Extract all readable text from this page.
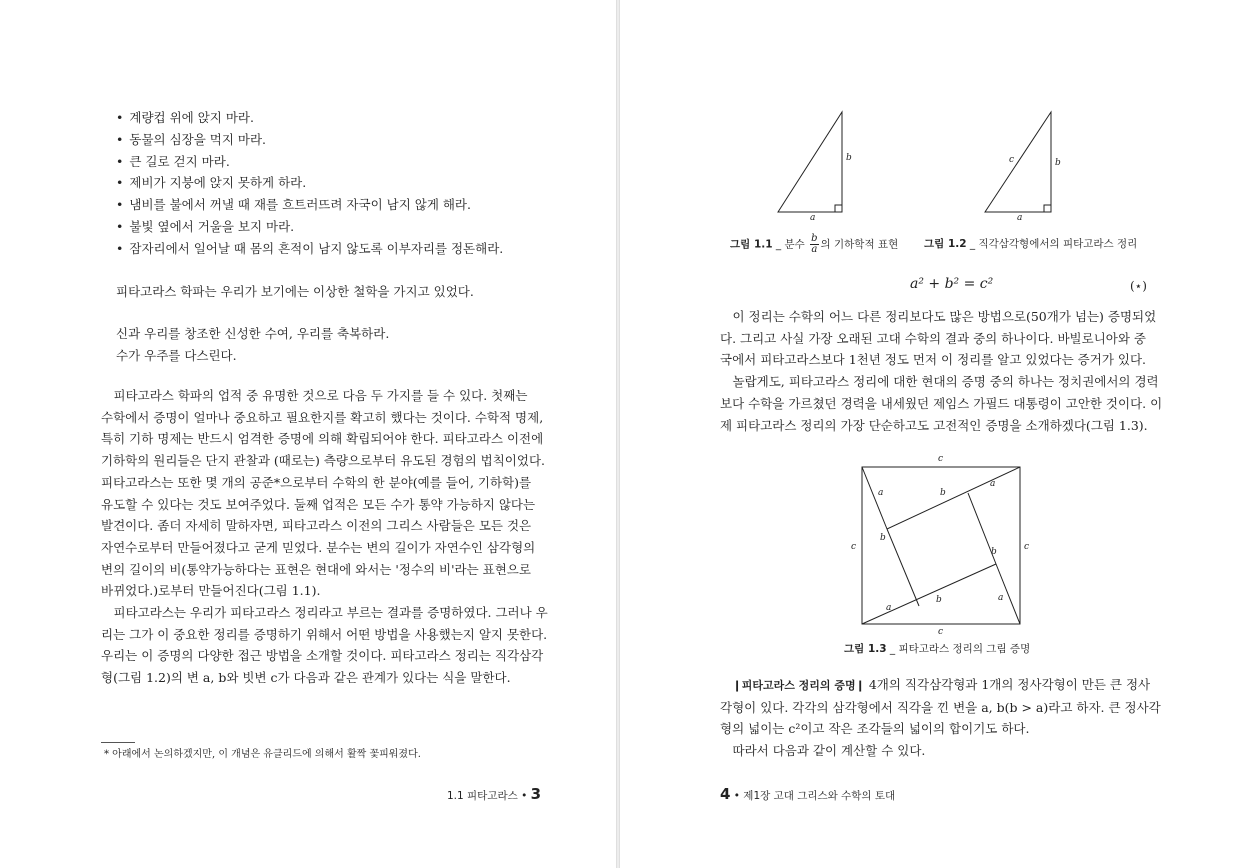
• 계량컵 위에 앉지 마라.
• 동물의 심장을 먹지 마라.
• 큰 길로 걷지 마라.
• 제비가 지붕에 앉지 못하게 하라.
• 냄비를 불에서 꺼낼 때 재를 흐트러뜨려 자국이 남지 않게 해라.
• 불빛 옆에서 거울을 보지 마라.
• 잠자리에서 일어날 때 몸의 흔적이 남지 않도록 이부자리를 정돈해라.
피타고라스 학파는 우리가 보기에는 이상한 철학을 가지고 있었다.
신과 우리를 창조한 신성한 수여, 우리를 축복하라.
수가 우주를 다스린다.
피타고라스 학파의 업적 중 유명한 것으로 다음 두 가지를 들 수 있다. 첫째는
수학에서 증명이 얼마나 중요하고 필요한지를 확고히 했다는 것이다. 수학적 명제,
특히 기하 명제는 반드시 엄격한 증명에 의해 확립되어야 한다. 피타고라스 이전에
기하학의 원리들은 단지 관찰과 (때로는) 측량으로부터 유도된 경험의 법칙이었다.
피타고라스는 또한 몇 개의 공준*으로부터 수학의 한 분야(예를 들어, 기하학)를
유도할 수 있다는 것도 보여주었다. 둘째 업적은 모든 수가 통약 가능하지 않다는
발견이다. 좀더 자세히 말하자면, 피타고라스 이전의 그리스 사람들은 모든 것은
자연수로부터 만들어졌다고 굳게 믿었다. 분수는 변의 길이가 자연수인 삼각형의
변의 길이의 비(통약가능하다는 표현은 현대에 와서는 '정수의 비'라는 표현으로
바뀌었다.)로부터 만들어진다(그림 1.1).
피타고라스는 우리가 피타고라스 정리라고 부르는 결과를 증명하였다. 그러나 우
리는 그가 이 중요한 정리를 증명하기 위해서 어떤 방법을 사용했는지 알지 못한다.
우리는 이 증명의 다양한 접근 방법을 소개할 것이다. 피타고라스 정리는 직각삼각
형(그림 1.2)의 변 a, b와 빗변 c가 다음과 같은 관계가 있다는 식을 말한다.
* 아래에서 논의하겠지만, 이 개념은 유클리드에 의해서 활짝 꽃피워졌다.
1.1 피타고라스 • 3
b
a
b
c
a
그림 1.1 _ 분수 $\frac{b}{a}$ 의 기하학적 표현 그림 1.2 _ 직각삼각형에서의 피타고라스 정리
a² + b² = c²	(⋆)
이 정리는 수학의 어느 다른 정리보다도 많은 방법으로(50개가 넘는) 증명되었
다. 그리고 사실 가장 오래된 고대 수학의 결과 중의 하나이다. 바빌로니아와 중
국에서 피타고라스보다 1천년 정도 먼저 이 정리를 알고 있었다는 증거가 있다.
놀랍게도, 피타고라스 정리에 대한 현대의 증명 중의 하나는 정치권에서의 경력
보다 수학을 가르쳤던 경력을 내세웠던 제임스 가필드 대통령이 고안한 것이다. 이
제 피타고라스 정리의 가장 단순하고도 고전적인 증명을 소개하겠다(그림 1.3).
c
c	c
c
a	b
a
b
b
a
b	a
그림 1.3 _ 피타고라스 정리의 그림 증명
❙피타고라스 정리의 증명❙ 4개의 직각삼각형과 1개의 정사각형이 만든 큰 정사
각형이 있다. 각각의 삼각형에서 직각을 낀 변을 a, b(b > a)라고 하자. 큰 정사각
형의 넓이는 c²이고 작은 조각들의 넓이의 합이기도 하다.
따라서 다음과 같이 계산할 수 있다.
4 • 제1장 고대 그리스와 수학의 토대
